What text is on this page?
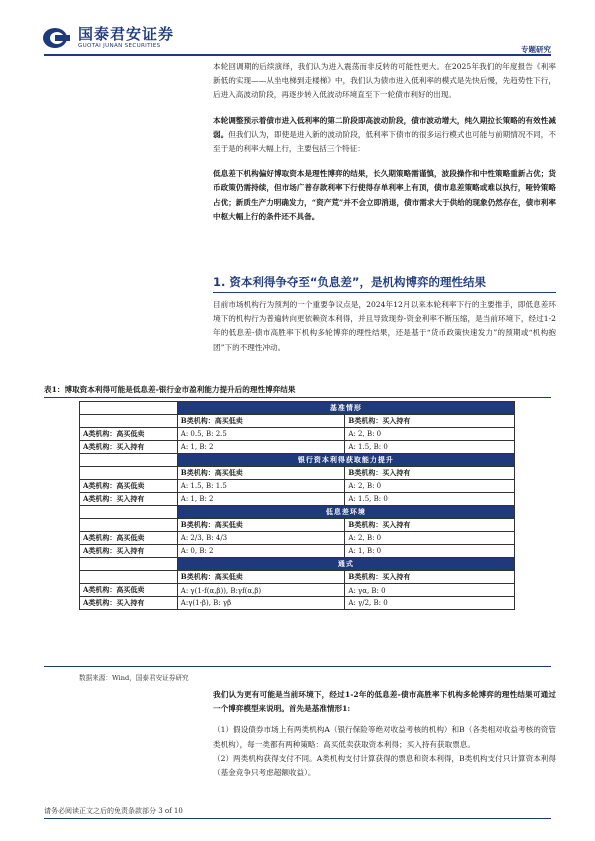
国泰君安证券
GUOTAI JUNAN SECURITIES	专题研究

本轮回调期的后续演绎，我们认为进入震荡而非反转的可能性更大。在2025年我们的年度报告《利率新低的实现——从坐电梯到走楼梯》中，我们认为债市进入低利率的模式是先快后慢，先趋势性下行，后进入高波动阶段，再逐步转入低波动环境直至下一轮债市利好的出现。

本轮调整预示着债市进入低利率的第二阶段即高波动阶段，债市波动增大，纯久期拉长策略的有效性减弱。但我们认为，即使是进入新的波动阶段，低利率下债市的很多运行模式也可能与前期情况不同，不至于是的利率大幅上行，主要包括三个特征：

低息差下机构偏好博取资本是理性博弈的结果，长久期策略需谨慎，波段操作和中性策略重新占优；货币政策仍需持续，但市场广普存款利率下行使得存单利率上有顶，债市息差策略或难以执行，哑铃策略占优；新质生产力明确发力，“资产荒”并不会立即消退，债市需求大于供给的现象仍然存在，债市利率中枢大幅上行的条件还不具备。

1. 资本利得争夺至“负息差”，是机构博弈的理性结果

目前市场机构行为预判的一个重要争议点是，2024年12月以来本轮利率下行的主要推手，即低息差环境下的机构行为普遍转向更依赖资本利得，并且导致现券-资金利率不断压缩，是当前环境下，经过1-2年的低息差-债市高胜率下机构多轮博弈的理性结果，还是基于“货币政策快速发力”的预期或“机构抱团”下的不理性冲动。

表1：博取资本利得可能是低息差-银行金市盈利能力提升后的理性博弈结果
	基准情形	
	B类机构：高买低卖	B类机构：买入持有
A类机构：高买低卖	A: 0.5, B: 2.5	A: 2, B: 0
A类机构：买入持有	A: 1, B: 2	A: 1.5, B: 0
	银行资本利得获取能力提升	
	B类机构：高买低卖	B类机构：买入持有
A类机构：高买低卖	A: 1.5, B: 1.5	A: 2, B: 0
A类机构：买入持有	A: 1, B: 2	A: 1.5, B: 0
	低息差环境	
	B类机构：高买低卖	B类机构：买入持有
A类机构：高买低卖	A: 2/3, B: 4/3	A: 2, B: 0
A类机构：买入持有	A: 0, B: 2	A: 1, B: 0
	通式	
	B类机构：高买低卖	B类机构：买入持有
A类机构：高买低卖	A: γ(1-f(α,β)), B:γf(α,β)	A: γα, B: 0
A类机构：买入持有	A:γ(1-β), B: γβ	A: γ/2, B: 0
数据来源：Wind，国泰君安证券研究

我们认为更有可能是当前环境下，经过1-2年的低息差-债市高胜率下机构多轮博弈的理性结果可通过一个博弈模型来说明。首先是基准情形1:

（1）假设债券市场上有两类机构A（银行保险等绝对收益考核的机构）和B（各类相对收益考核的资管类机构），每一类都有两种策略：高买低卖获取资本利得；买入持有获取票息。

（2）两类机构获得支付不同。A类机构支付计算获得的票息和资本利得，B类机构支付只计算资本利得（基金竞争只考虑超额收益）。

请务必阅读正文之后的免责条款部分 3 of 10
